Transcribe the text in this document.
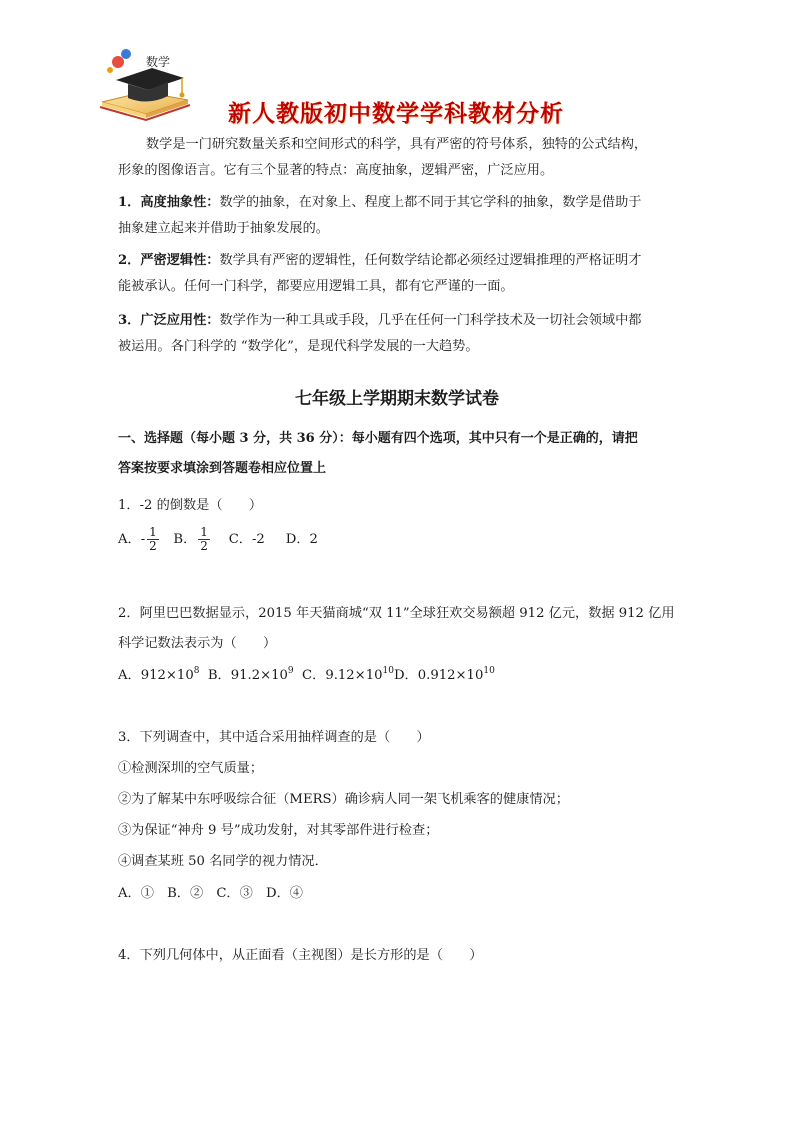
数学
新人教版初中数学学科教材分析

数学是一门研究数量关系和空间形式的科学，具有严密的符号体系，独特的公式结构，
形象的图像语言。它有三个显著的特点：高度抽象，逻辑严密，广泛应用。

1．高度抽象性：数学的抽象，在对象上、程度上都不同于其它学科的抽象，数学是借助于
抽象建立起来并借助于抽象发展的。

2．严密逻辑性：数学具有严密的逻辑性，任何数学结论都必须经过逻辑推理的严格证明才
能被承认。任何一门科学，都要应用逻辑工具，都有它严谨的一面。

3．广泛应用性：数学作为一种工具或手段，几乎在任何一门科学技术及一切社会领域中都
被运用。各门科学的 “数学化”，是现代科学发展的一大趋势。

七年级上学期期末数学试卷

一、选择题（每小题 3 分，共 36 分）：每小题有四个选项，其中只有一个是正确的，请把
答案按要求填涂到答题卷相应位置上

1．-2 的倒数是（　　）

A．- $\frac{1}{2}$ B． $\frac{1}{2}$ C．-2 D．2

2．阿里巴巴数据显示，2015 年天猫商城“双 11”全球狂欢交易额超 912 亿元，数据 912 亿用

科学记数法表示为（　　）

A．$912\times 10^8$ B．$91.2\times 10^9$ C．$9.12\times 10^{10}D$．$0.912\times 10^{10}$

3．下列调查中，其中适合采用抽样调查的是（　　）

①检测深圳的空气质量；

②为了解某中东呼吸综合征（MERS）确诊病人同一架飞机乘客的健康情况；

③为保证“神舟 9 号”成功发射，对其零部件进行检查；

④调查某班 50 名同学的视力情况．

A．①　B．②　C．③　D．④

4．下列几何体中，从正面看（主视图）是长方形的是（　　）
